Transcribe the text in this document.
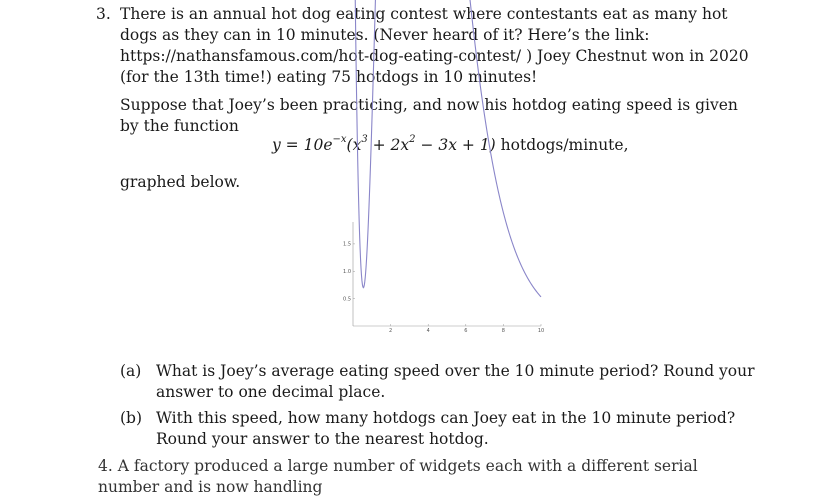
3. There is an annual hot dog eating contest where contestants eat as many hot dogs as they can in 10 minutes. (Never heard of it? Here’s the link: https://nathansfamous.com/hot-dog-eating-contest/ ) Joey Chestnut won in 2020 (for the 13th time!) eating 75 hotdogs in 10 minutes!
Suppose that Joey’s been practicing, and now his hotdog eating speed is given by the function
$y = 10e^{-x}(x^3 + 2x^2 - 3x + 1)$ hotdogs/minute,
graphed below.
2	4	6	8	10
0.5
1.0
1.5
(a) What is Joey’s average eating speed over the 10 minute period? Round your answer to one decimal place.
(b) With this speed, how many hotdogs can Joey eat in the 10 minute period? Round your answer to the nearest hotdog.
4. A factory produced a large number of widgets each with a different serial number and is now handling
